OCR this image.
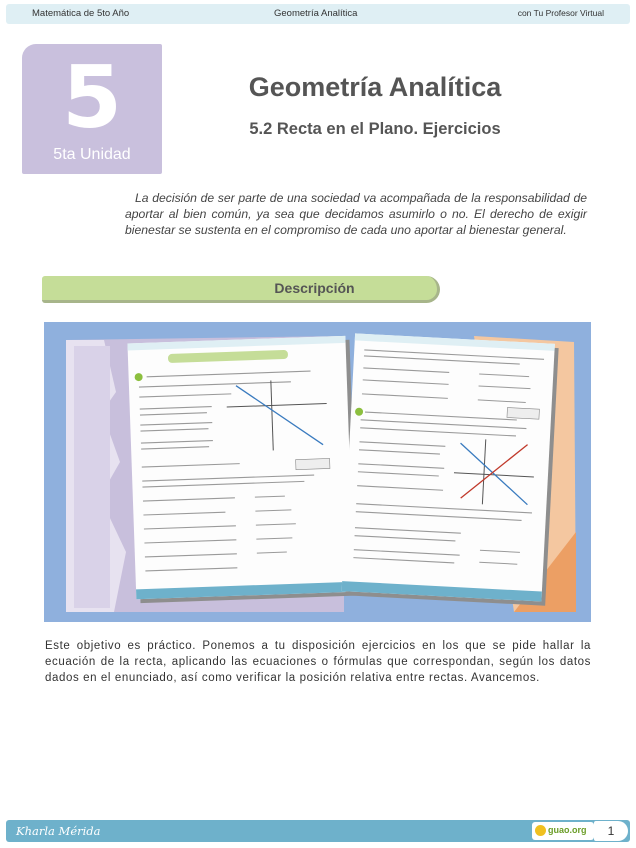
Matemática de 5to Año	Geometría Analítica	con Tu Profesor Virtual
5
5ta Unidad
Geometría Analítica
5.2 Recta en el Plano. Ejercicios
La decisión de ser parte de una sociedad va acompañada de la responsabilidad de aportar al bien común, ya sea que decidamos asumirlo o no. El derecho de exigir bienestar se sustenta en el compromiso de cada uno aportar al bienestar general.
Descripción
Este objetivo es práctico. Ponemos a tu disposición ejercicios en los que se pide hallar la ecuación de la recta, aplicando las ecuaciones o fórmulas que correspondan, según los datos dados en el enunciado, así como verificar la posición relativa entre rectas. Avancemos.
Kharla Mérida	guao.org	1
